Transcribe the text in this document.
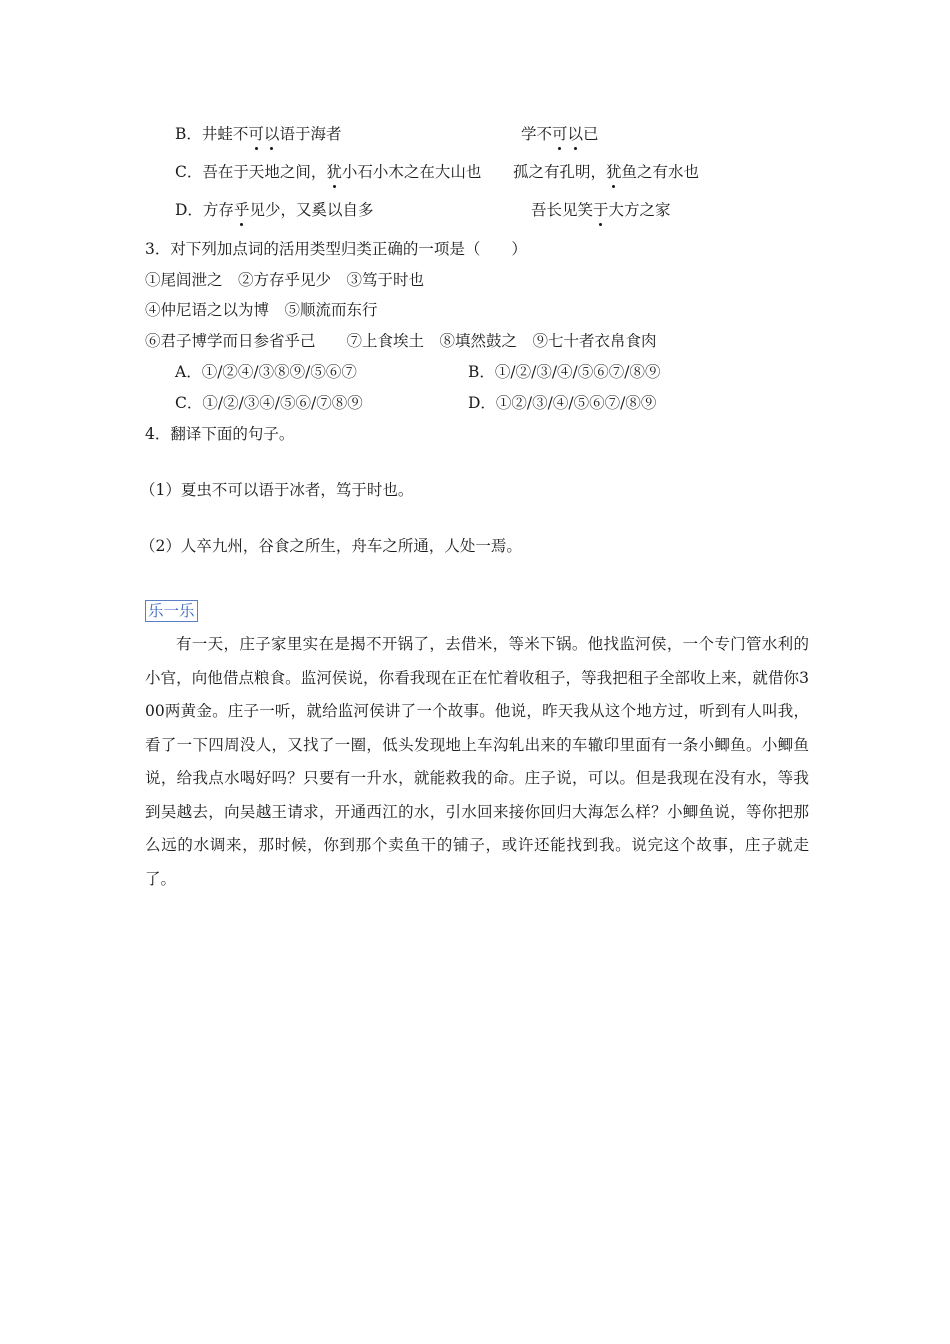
B．井蛙不可以语于海者	学不可以已
C．吾在于天地之间，犹小石小木之在大山也 孤之有孔明，犹鱼之有水也
D．方存乎见少，又奚以自多	吾长见笑于大方之家
3．对下列加点词的活用类型归类正确的一项是（　　）
①尾闾泄之　②方存乎见少　③笃于时也
④仲尼语之以为博　⑤顺流而东行
⑥君子博学而日参省乎己　　⑦上食埃土　⑧填然鼓之　⑨七十者衣帛食肉
A．①/②④/③⑧⑨/⑤⑥⑦	B．①/②/③/④/⑤⑥⑦/⑧⑨
C．①/②/③④/⑤⑥/⑦⑧⑨	D．①②/③/④/⑤⑥⑦/⑧⑨
4．翻译下面的句子。
（1）夏虫不可以语于冰者，笃于时也。
（2）人卒九州，谷食之所生，舟车之所通，人处一焉。
乐一乐
有一天，庄子家里实在是揭不开锅了，去借米，等米下锅。他找监河侯，一个专门管水利的小官，向他借点粮食。监河侯说，你看我现在正在忙着收租子，等我把租子全部收上来，就借你300两黄金。庄子一听，就给监河侯讲了一个故事。他说，昨天我从这个地方过，听到有人叫我，看了一下四周没人，又找了一圈，低头发现地上车沟轧出来的车辙印里面有一条小鲫鱼。小鲫鱼说，给我点水喝好吗？只要有一升水，就能救我的命。庄子说，可以。但是我现在没有水，等我到吴越去，向吴越王请求，开通西江的水，引水回来接你回归大海怎么样？小鲫鱼说，等你把那么远的水调来，那时候，你到那个卖鱼干的铺子，或许还能找到我。说完这个故事，庄子就走了。
